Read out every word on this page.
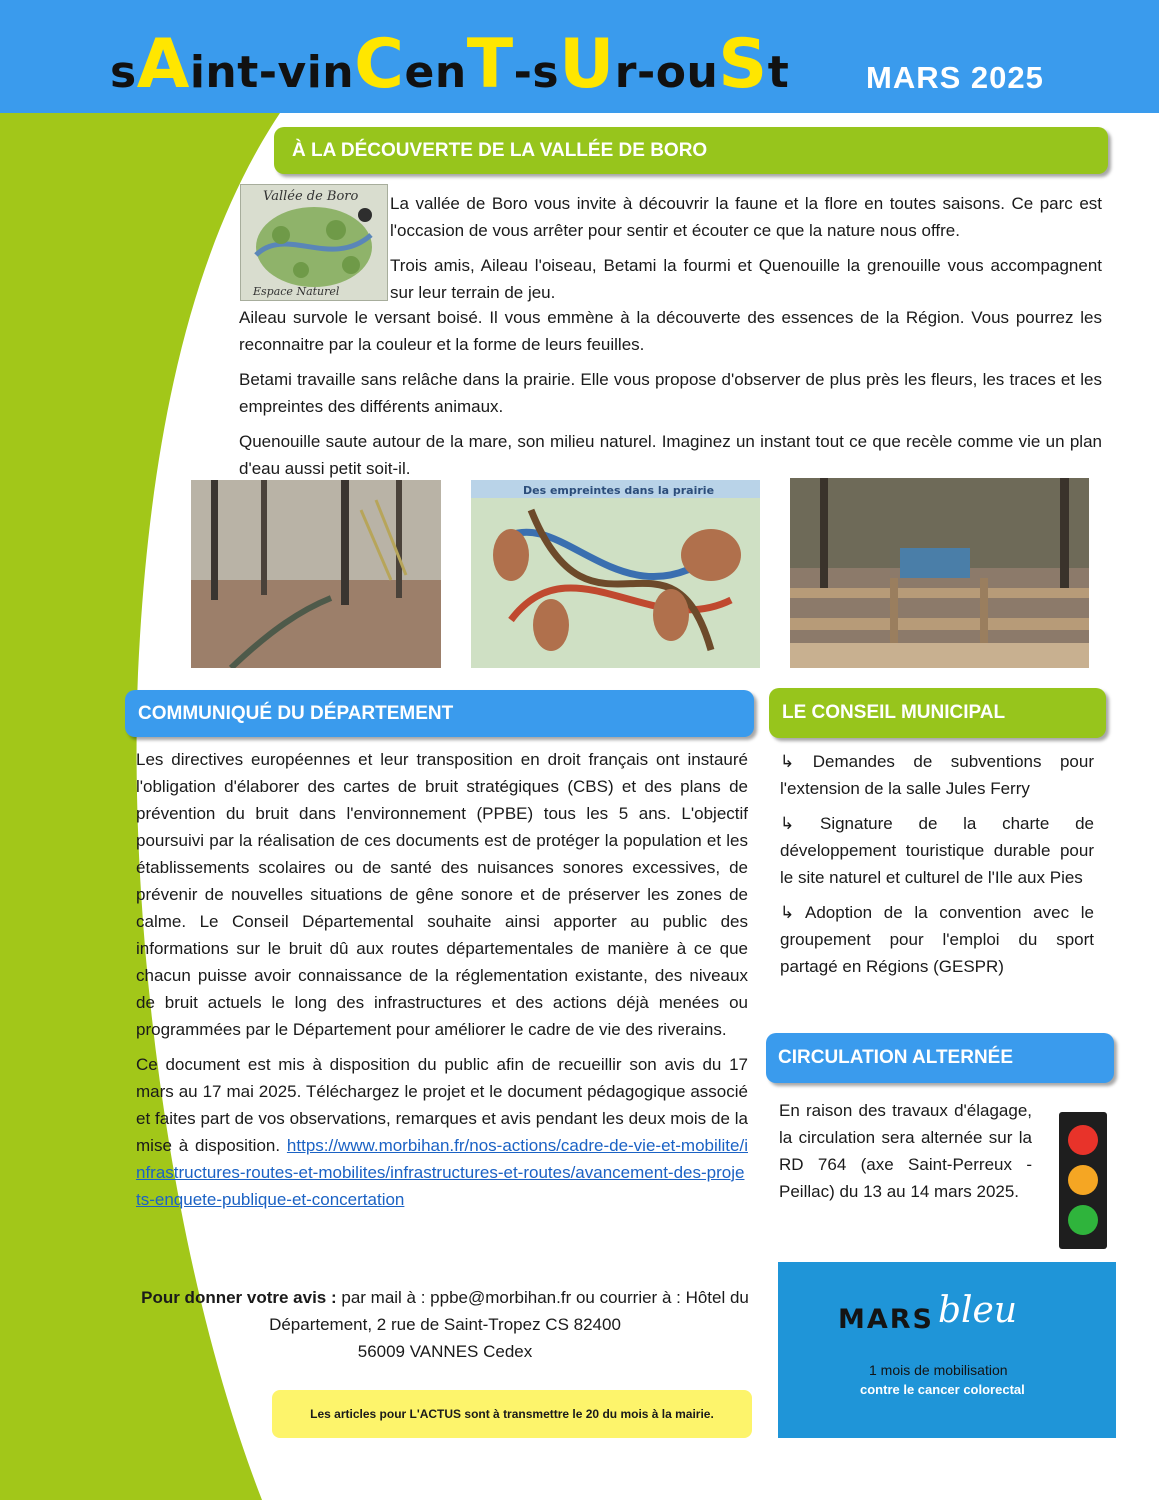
sAint-vinCenT-sUr-ouSt MARS 2025
À LA DÉCOUVERTE DE LA VALLÉE DE BORO
Vallée de Boro
Espace Naturel

La vallée de Boro vous invite à découvrir la faune et la flore en toutes saisons. Ce parc est l'occasion de vous arrêter pour sentir et écouter ce que la nature nous offre.

Trois amis, Aileau l'oiseau, Betami la fourmi et Quenouille la grenouille vous accompagnent sur leur terrain de jeu.

Aileau survole le versant boisé. Il vous emmène à la découverte des essences de la Région. Vous pourrez les reconnaitre par la couleur et la forme de leurs feuilles.

Betami travaille sans relâche dans la prairie. Elle vous propose d'observer de plus près les fleurs, les traces et les empreintes des différents animaux.

Quenouille saute autour de la mare, son milieu naturel. Imaginez un instant tout ce que recèle comme vie un plan d'eau aussi petit soit-il.

Des empreintes dans la prairie
COMMUNIQUÉ DU DÉPARTEMENT

Les directives européennes et leur transposition en droit français ont instauré l'obligation d'élaborer des cartes de bruit stratégiques (CBS) et des plans de prévention du bruit dans l'environnement (PPBE) tous les 5 ans. L'objectif poursuivi par la réalisation de ces documents est de protéger la population et les établissements scolaires ou de santé des nuisances sonores excessives, de prévenir de nouvelles situations de gêne sonore et de préserver les zones de calme. Le Conseil Départemental souhaite ainsi apporter au public des informations sur le bruit dû aux routes départementales de manière à ce que chacun puisse avoir connaissance de la réglementation existante, des niveaux de bruit actuels le long des infrastructures et des actions déjà menées ou programmées par le Département pour améliorer le cadre de vie des riverains.

Ce document est mis à disposition du public afin de recueillir son avis du 17 mars au 17 mai 2025. Téléchargez le projet et le document pédagogique associé et faites part de vos observations, remarques et avis pendant les deux mois de la mise à disposition. https://www.morbihan.fr/nos-actions/cadre-de-vie-et-mobilite/infrastructures-routes-et-mobilites/infrastructures-et-routes/avancement-des-projets-enquete-publique-et-concertation

Pour donner votre avis : par mail à : ppbe@morbihan.fr ou courrier à : Hôtel du Département, 2 rue de Saint-Tropez CS 82400
56009 VANNES Cedex
Les articles pour L'ACTUS sont à transmettre le 20 du mois à la mairie.
LE CONSEIL MUNICIPAL

↳ Demandes de subventions pour l'extension de la salle Jules Ferry

↳ Signature de la charte de développement touristique durable pour le site naturel et culturel de l'Ile aux Pies

↳ Adoption de la convention avec le groupement pour l'emploi du sport partagé en Régions (GESPR)

CIRCULATION ALTERNÉE
En raison des travaux d'élagage, la circulation sera alternée sur la RD 764 (axe Saint-Perreux - Peillac) du 13 au 14 mars 2025.
MARS bleu
1 mois de mobilisation
contre le cancer colorectal
